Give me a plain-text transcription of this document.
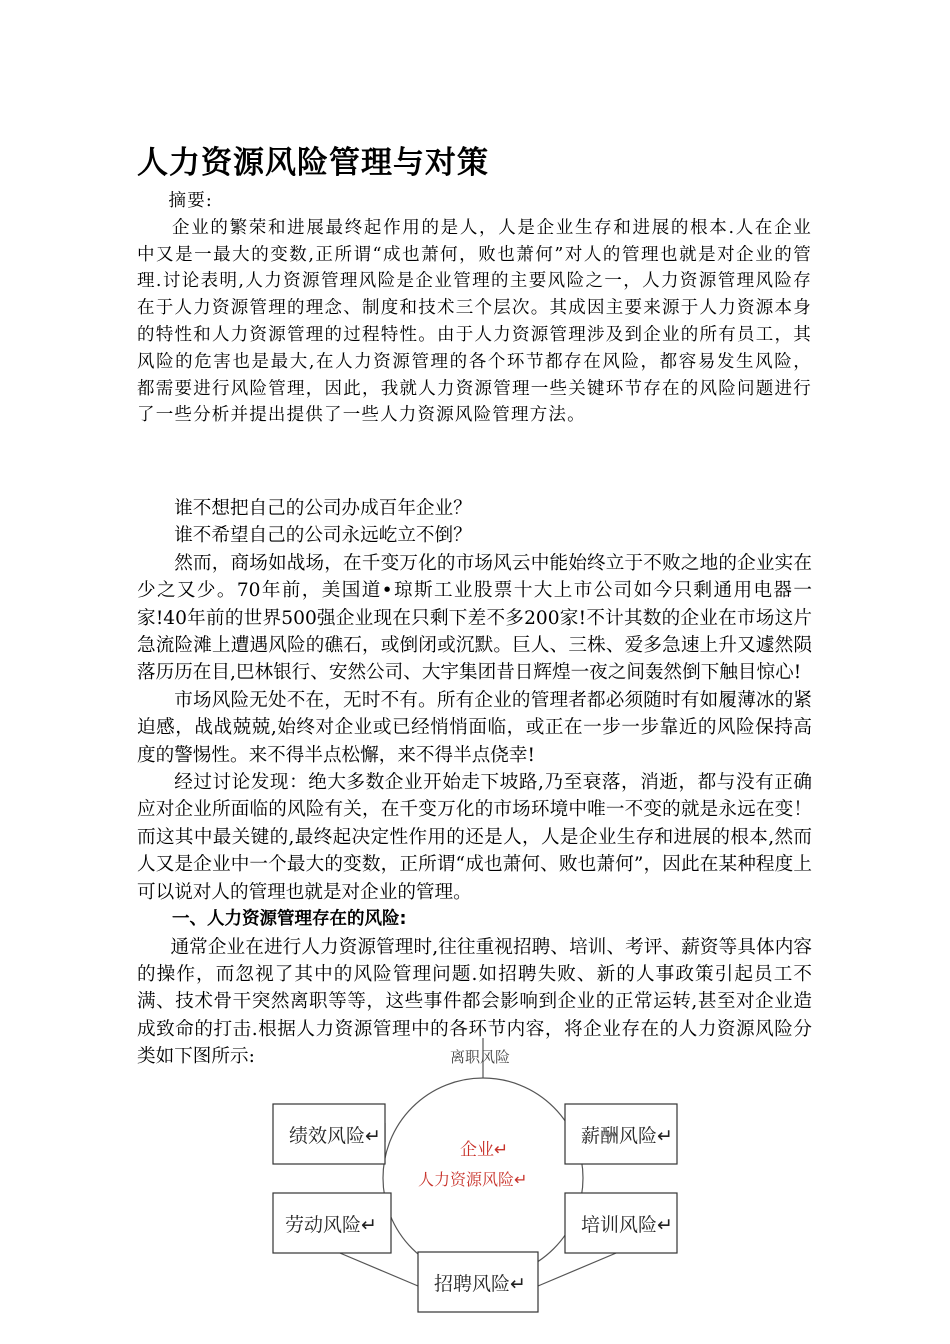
人力资源风险管理与对策

摘要:

企业的繁荣和进展最终起作用的是人，人是企业生存和进展的根本.人在企业中又是一最大的变数,正所谓“成也萧何，败也萧何”对人的管理也就是对企业的管理.讨论表明,人力资源管理风险是企业管理的主要风险之一，人力资源管理风险存在于人力资源管理的理念、制度和技术三个层次。其成因主要来源于人力资源本身的特性和人力资源管理的过程特性。由于人力资源管理涉及到企业的所有员工，其风险的危害也是最大,在人力资源管理的各个环节都存在风险，都容易发生风险，都需要进行风险管理，因此，我就人力资源管理一些关键环节存在的风险问题进行了一些分析并提出提供了一些人力资源风险管理方法。

谁不想把自己的公司办成百年企业？

谁不希望自己的公司永远屹立不倒？

然而，商场如战场，在千变万化的市场风云中能始终立于不败之地的企业实在少之又少。70年前，美国道•琼斯工业股票十大上市公司如今只剩通用电器一家!40年前的世界500强企业现在只剩下差不多200家!不计其数的企业在市场这片急流险滩上遭遇风险的礁石，或倒闭或沉默。巨人、三株、爱多急速上升又遽然陨落历历在目,巴林银行、安然公司、大宇集团昔日辉煌一夜之间轰然倒下触目惊心!

市场风险无处不在，无时不有。所有企业的管理者都必须随时有如履薄冰的紧迫感，战战兢兢,始终对企业或已经悄悄面临，或正在一步一步靠近的风险保持高度的警惕性。来不得半点松懈，来不得半点侥幸!

经过讨论发现：绝大多数企业开始走下坡路,乃至衰落，消逝，都与没有正确应对企业所面临的风险有关，在千变万化的市场环境中唯一不变的就是永远在变！而这其中最关键的,最终起决定性作用的还是人，人是企业生存和进展的根本,然而人又是企业中一个最大的变数，正所谓“成也萧何、败也萧何”，因此在某种程度上可以说对人的管理也就是对企业的管理。

一、人力资源管理存在的风险:

通常企业在进行人力资源管理时,往往重视招聘、培训、考评、薪资等具体内容的操作，而忽视了其中的风险管理问题.如招聘失败、新的人事政策引起员工不满、技术骨干突然离职等等，这些事件都会影响到企业的正常运转,甚至对企业造成致命的打击.根据人力资源管理中的各环节内容，将企业存在的人力资源风险分类如下图所示:	离职风险
绩效风险↵	薪酬风险↵
劳动风险↵	培训风险↵
招聘风险↵
企业↵
人力资源风险↵
